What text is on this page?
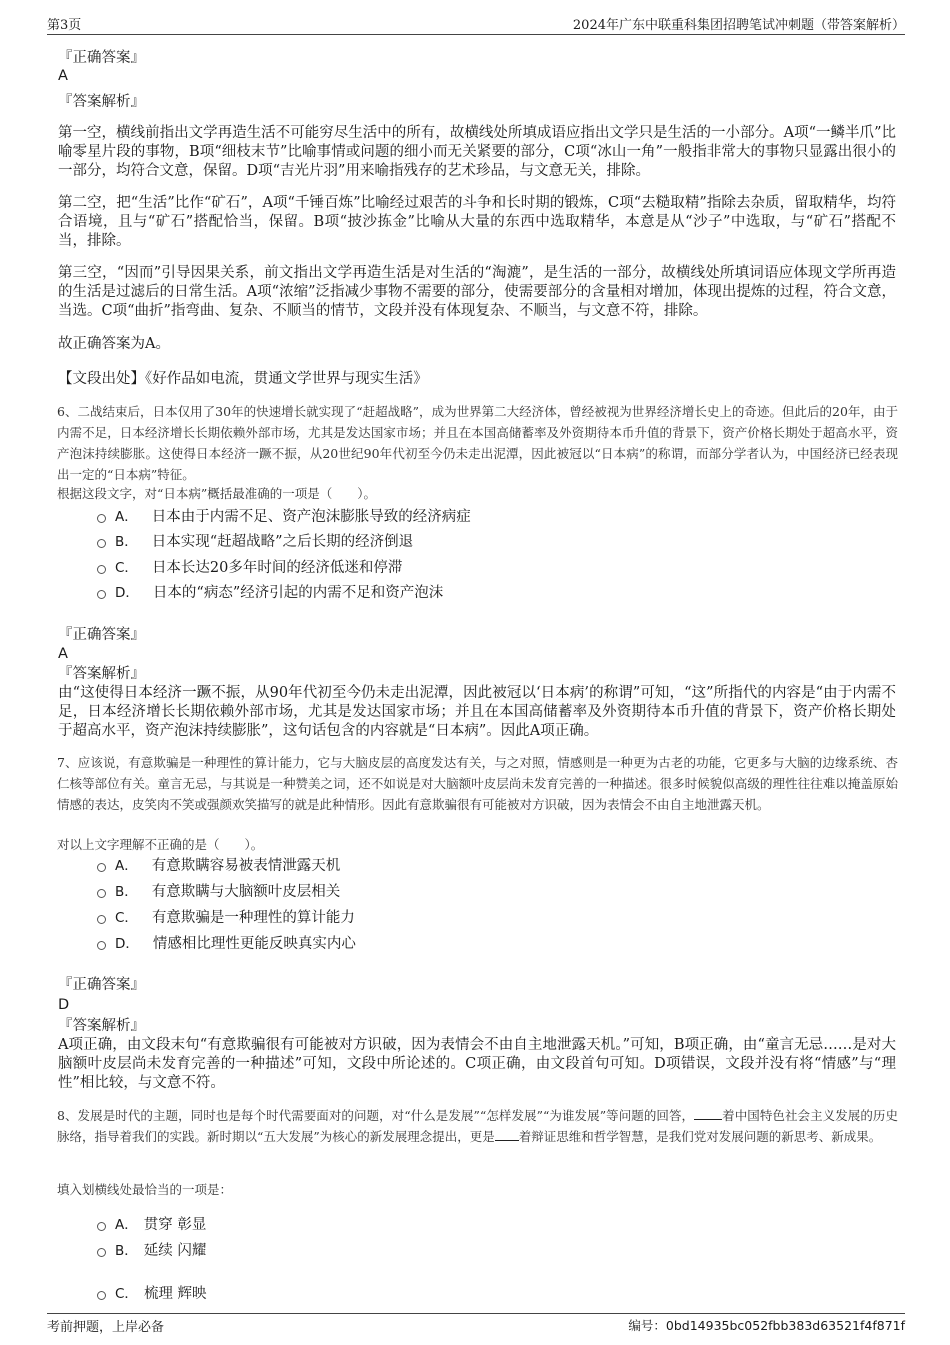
第3页	2024年广东中联重科集团招聘笔试冲刺题（带答案解析）
『正确答案』
A
『答案解析』
第一空，横线前指出文学再造生活不可能穷尽生活中的所有，故横线处所填成语应指出文学只是生活的一小部分。A项“一鳞半爪”比喻零星片段的事物，B项“细枝末节”比喻事情或问题的细小而无关紧要的部分，C项“冰山一角”一般指非常大的事物只显露出很小的一部分，均符合文意，保留。D项“吉光片羽”用来喻指残存的艺术珍品，与文意无关，排除。
第二空，把“生活”比作“矿石”，A项“千锤百炼”比喻经过艰苦的斗争和长时期的锻炼，C项“去糙取精”指除去杂质，留取精华，均符合语境，且与“矿石”搭配恰当，保留。B项“披沙拣金”比喻从大量的东西中选取精华，本意是从“沙子”中选取，与“矿石”搭配不当，排除。
第三空，“因而”引导因果关系，前文指出文学再造生活是对生活的“淘漉”，是生活的一部分，故横线处所填词语应体现文学所再造的生活是过滤后的日常生活。A项“浓缩”泛指减少事物不需要的部分，使需要部分的含量相对增加，体现出提炼的过程，符合文意，当选。C项“曲折”指弯曲、复杂、不顺当的情节，文段并没有体现复杂、不顺当，与文意不符，排除。
故正确答案为A。
【文段出处】《好作品如电流，贯通文学世界与现实生活》
6、二战结束后，日本仅用了30年的快速增长就实现了“赶超战略”，成为世界第二大经济体，曾经被视为世界经济增长史上的奇迹。但此后的20年，由于内需不足，日本经济增长长期依赖外部市场，尤其是发达国家市场；并且在本国高储蓄率及外资期待本币升值的背景下，资产价格长期处于超高水平，资产泡沫持续膨胀。这使得日本经济一蹶不振，从20世纪90年代初至今仍未走出泥潭，因此被冠以“日本病”的称谓，而部分学者认为，中国经济已经表现出一定的“日本病”特征。
根据这段文字，对“日本病”概括最准确的一项是（　　）。
A． 日本由于内需不足、资产泡沫膨胀导致的经济病症
B． 日本实现“赶超战略”之后长期的经济倒退
C． 日本长达20多年时间的经济低迷和停滞
D． 日本的“病态”经济引起的内需不足和资产泡沫
『正确答案』
A
『答案解析』
由“这使得日本经济一蹶不振，从90年代初至今仍未走出泥潭，因此被冠以‘日本病’的称谓”可知，“这”所指代的内容是“由于内需不足，日本经济增长长期依赖外部市场，尤其是发达国家市场；并且在本国高储蓄率及外资期待本币升值的背景下，资产价格长期处于超高水平，资产泡沫持续膨胀”，这句话包含的内容就是“日本病”。因此A项正确。
7、应该说，有意欺骗是一种理性的算计能力，它与大脑皮层的高度发达有关，与之对照，情感则是一种更为古老的功能，它更多与大脑的边缘系统、杏仁核等部位有关。童言无忌，与其说是一种赞美之词，还不如说是对大脑额叶皮层尚未发育完善的一种描述。很多时候貌似高级的理性往往难以掩盖原始情感的表达，皮笑肉不笑或强颜欢笑描写的就是此种情形。因此有意欺骗很有可能被对方识破，因为表情会不由自主地泄露天机。
对以上文字理解不正确的是（　　）。
A． 有意欺瞒容易被表情泄露天机
B． 有意欺瞒与大脑额叶皮层相关
C． 有意欺骗是一种理性的算计能力
D． 情感相比理性更能反映真实内心
『正确答案』
D
『答案解析』
A项正确，由文段末句“有意欺骗很有可能被对方识破，因为表情会不由自主地泄露天机。”可知，B项正确，由“童言无忌……是对大脑额叶皮层尚未发育完善的一种描述”可知，文段中所论述的。C项正确，由文段首句可知。D项错误，文段并没有将“情感”与“理性”相比较，与文意不符。
8、发展是时代的主题，同时也是每个时代需要面对的问题，对“什么是发展”“怎样发展”“为谁发展”等问题的回答， 着中国特色社会主义发展的历史脉络，指导着我们的实践。新时期以“五大发展”为核心的新发展理念提出，更是 着辩证思维和哲学智慧，是我们党对发展问题的新思考、新成果。
填入划横线处最恰当的一项是：
A． 贯穿 彰显
B． 延续 闪耀
C． 梳理 辉映
考前押题，上岸必备	编号：0bd14935bc052fbb383d63521f4f871f
